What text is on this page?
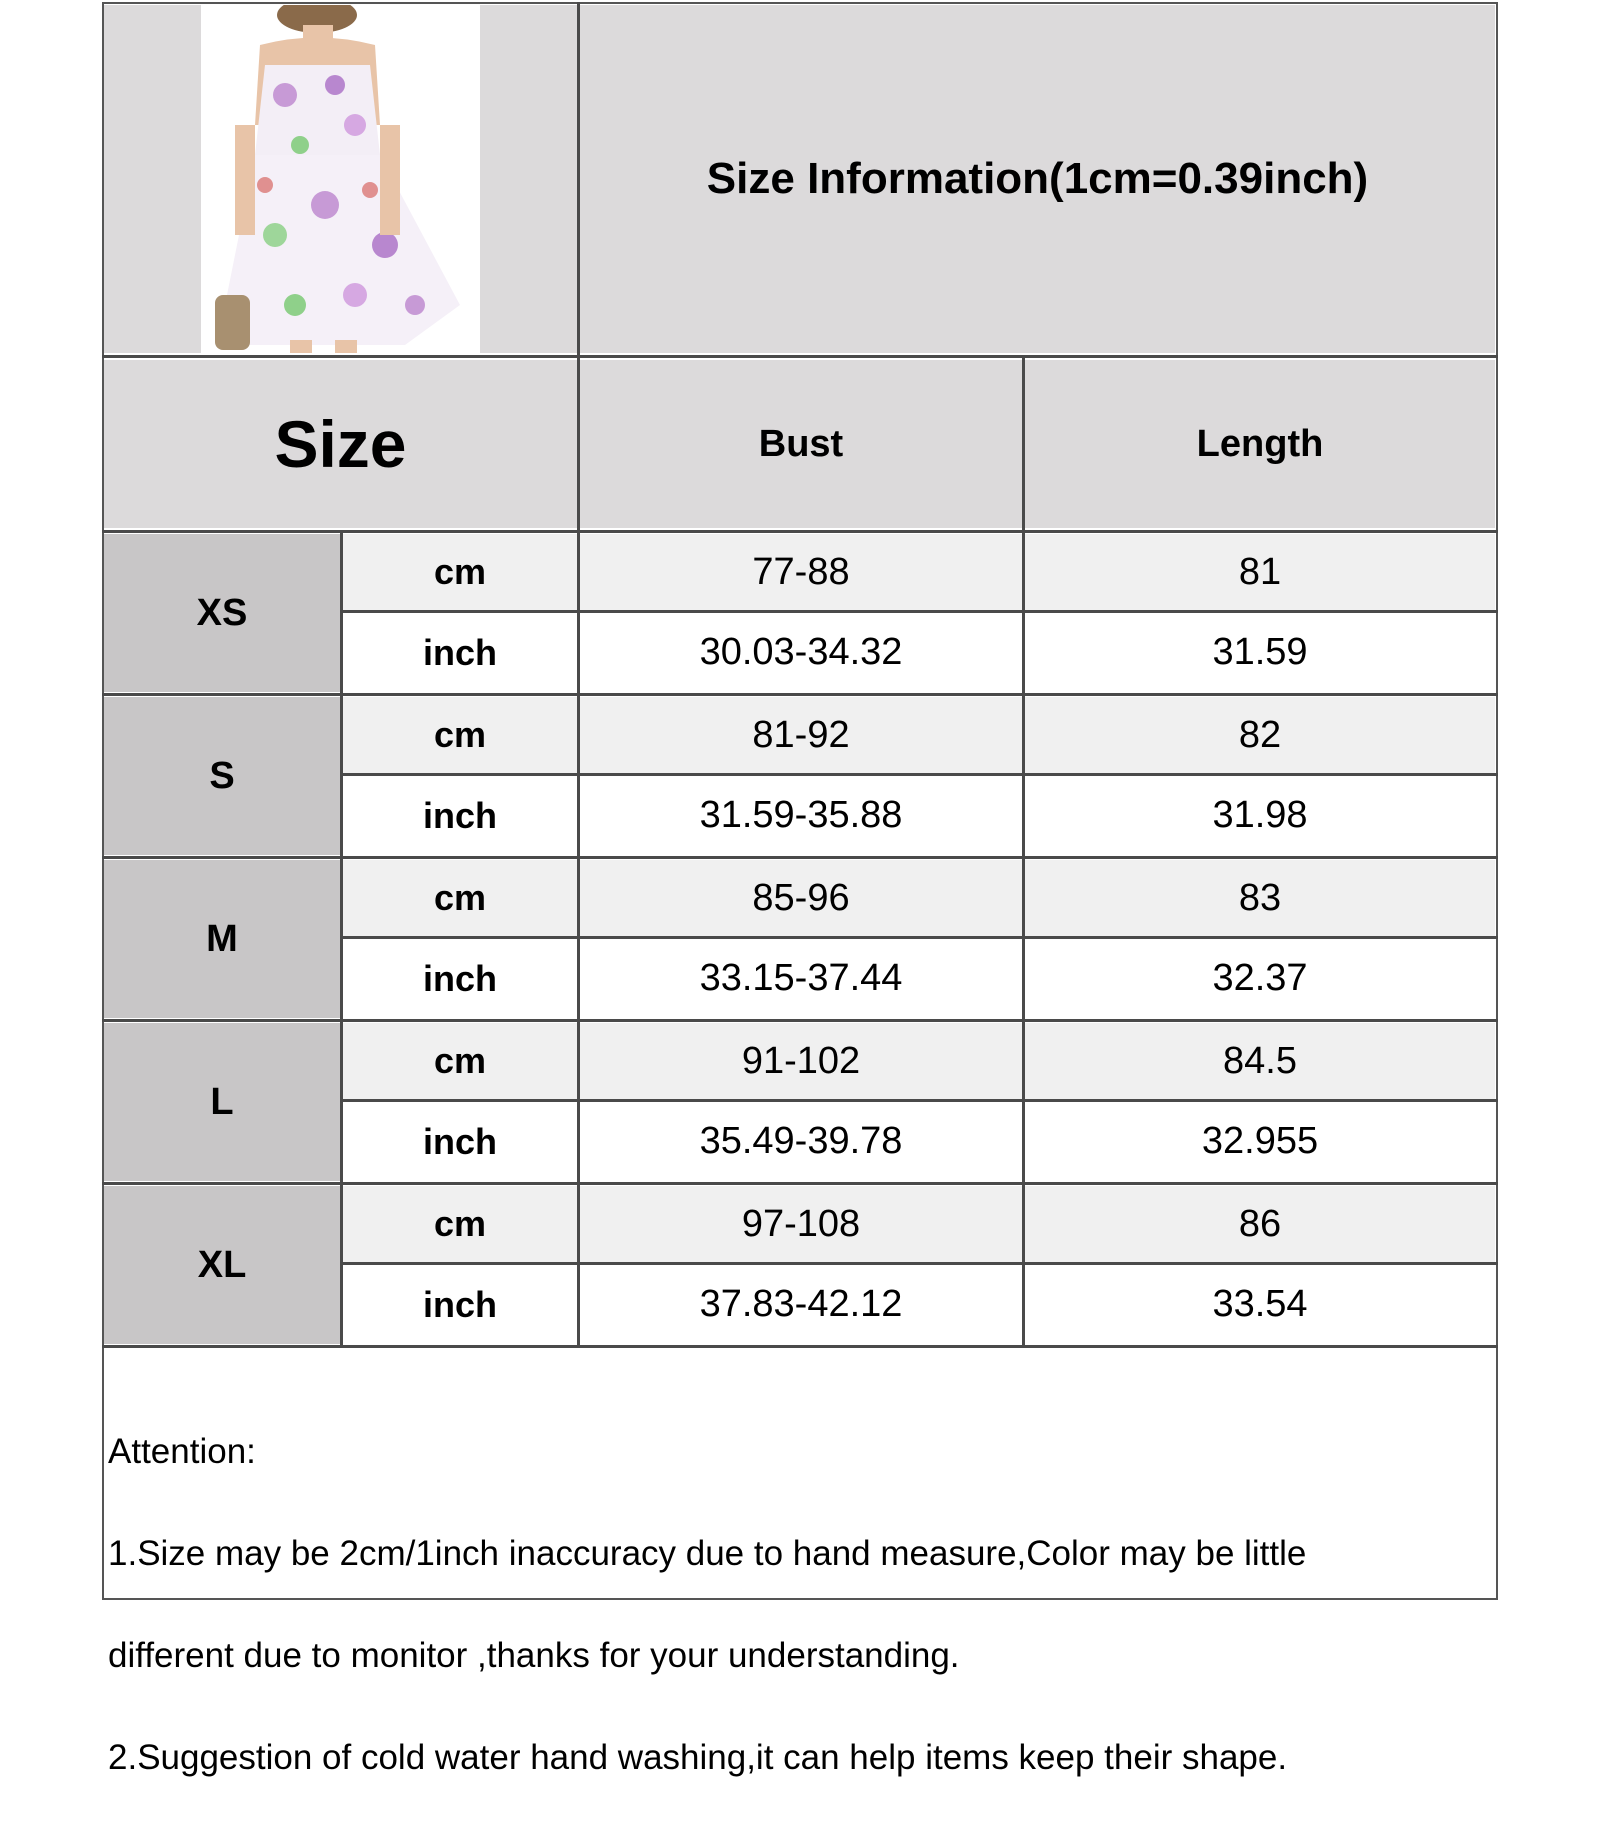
Size Information(1cm=0.39inch)
Size	Bust	Length
XS
cm	77-88	81
inch	30.03-34.32	31.59
S
cm	81-92	82
inch	31.59-35.88	31.98
M
cm	85-96	83
inch	33.15-37.44	32.37
L
cm	91-102	84.5
inch	35.49-39.78	32.955
XL
cm	97-108	86
inch	37.83-42.12	33.54

Attention:

1.Size may be 2cm/1inch inaccuracy due to hand measure,Color may be little

different due to monitor ,thanks for your understanding.

2.Suggestion of cold water hand washing,it can help items keep their shape.
